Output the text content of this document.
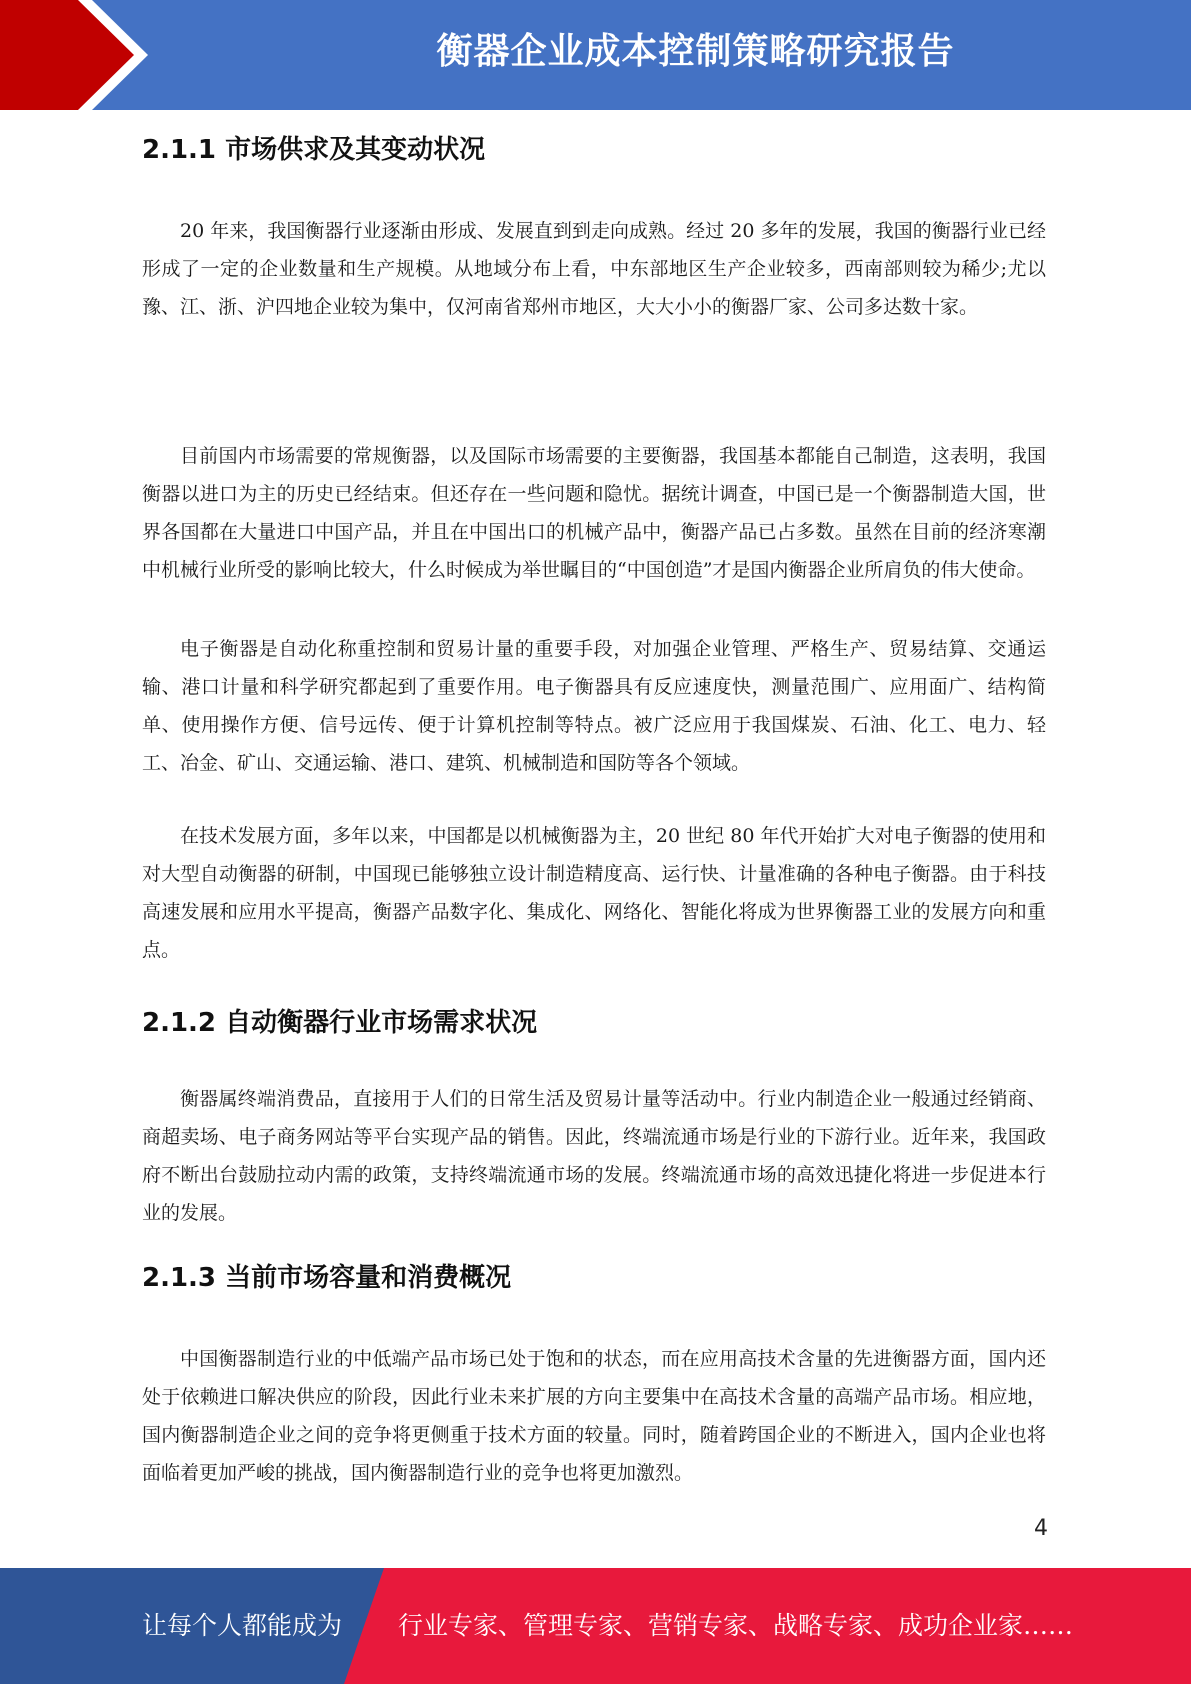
衡器企业成本控制策略研究报告
2.1.1 市场供求及其变动状况

20 年来，我国衡器行业逐渐由形成、发展直到到走向成熟。经过 20 多年的发展，我国的衡器行业已经形成了一定的企业数量和生产规模。从地域分布上看，中东部地区生产企业较多，西南部则较为稀少;尤以豫、江、浙、沪四地企业较为集中，仅河南省郑州市地区，大大小小的衡器厂家、公司多达数十家。

目前国内市场需要的常规衡器，以及国际市场需要的主要衡器，我国基本都能自己制造，这表明，我国衡器以进口为主的历史已经结束。但还存在一些问题和隐忧。据统计调查，中国已是一个衡器制造大国，世界各国都在大量进口中国产品，并且在中国出口的机械产品中，衡器产品已占多数。虽然在目前的经济寒潮中机械行业所受的影响比较大，什么时候成为举世瞩目的“中国创造”才是国内衡器企业所肩负的伟大使命。

电子衡器是自动化称重控制和贸易计量的重要手段，对加强企业管理、严格生产、贸易结算、交通运输、港口计量和科学研究都起到了重要作用。电子衡器具有反应速度快，测量范围广、应用面广、结构简单、使用操作方便、信号远传、便于计算机控制等特点。被广泛应用于我国煤炭、石油、化工、电力、轻工、冶金、矿山、交通运输、港口、建筑、机械制造和国防等各个领域。

在技术发展方面，多年以来，中国都是以机械衡器为主，20 世纪 80 年代开始扩大对电子衡器的使用和对大型自动衡器的研制，中国现已能够独立设计制造精度高、运行快、计量准确的各种电子衡器。由于科技高速发展和应用水平提高，衡器产品数字化、集成化、网络化、智能化将成为世界衡器工业的发展方向和重点。

2.1.2 自动衡器行业市场需求状况

衡器属终端消费品，直接用于人们的日常生活及贸易计量等活动中。行业内制造企业一般通过经销商、商超卖场、电子商务网站等平台实现产品的销售。因此，终端流通市场是行业的下游行业。近年来，我国政府不断出台鼓励拉动内需的政策，支持终端流通市场的发展。终端流通市场的高效迅捷化将进一步促进本行业的发展。

2.1.3 当前市场容量和消费概况

中国衡器制造行业的中低端产品市场已处于饱和的状态，而在应用高技术含量的先进衡器方面，国内还处于依赖进口解决供应的阶段，因此行业未来扩展的方向主要集中在高技术含量的高端产品市场。相应地，国内衡器制造企业之间的竞争将更侧重于技术方面的较量。同时，随着跨国企业的不断进入，国内企业也将面临着更加严峻的挑战，国内衡器制造行业的竞争也将更加激烈。

4
让每个人都能成为 行业专家、管理专家、营销专家、战略专家、成功企业家……
